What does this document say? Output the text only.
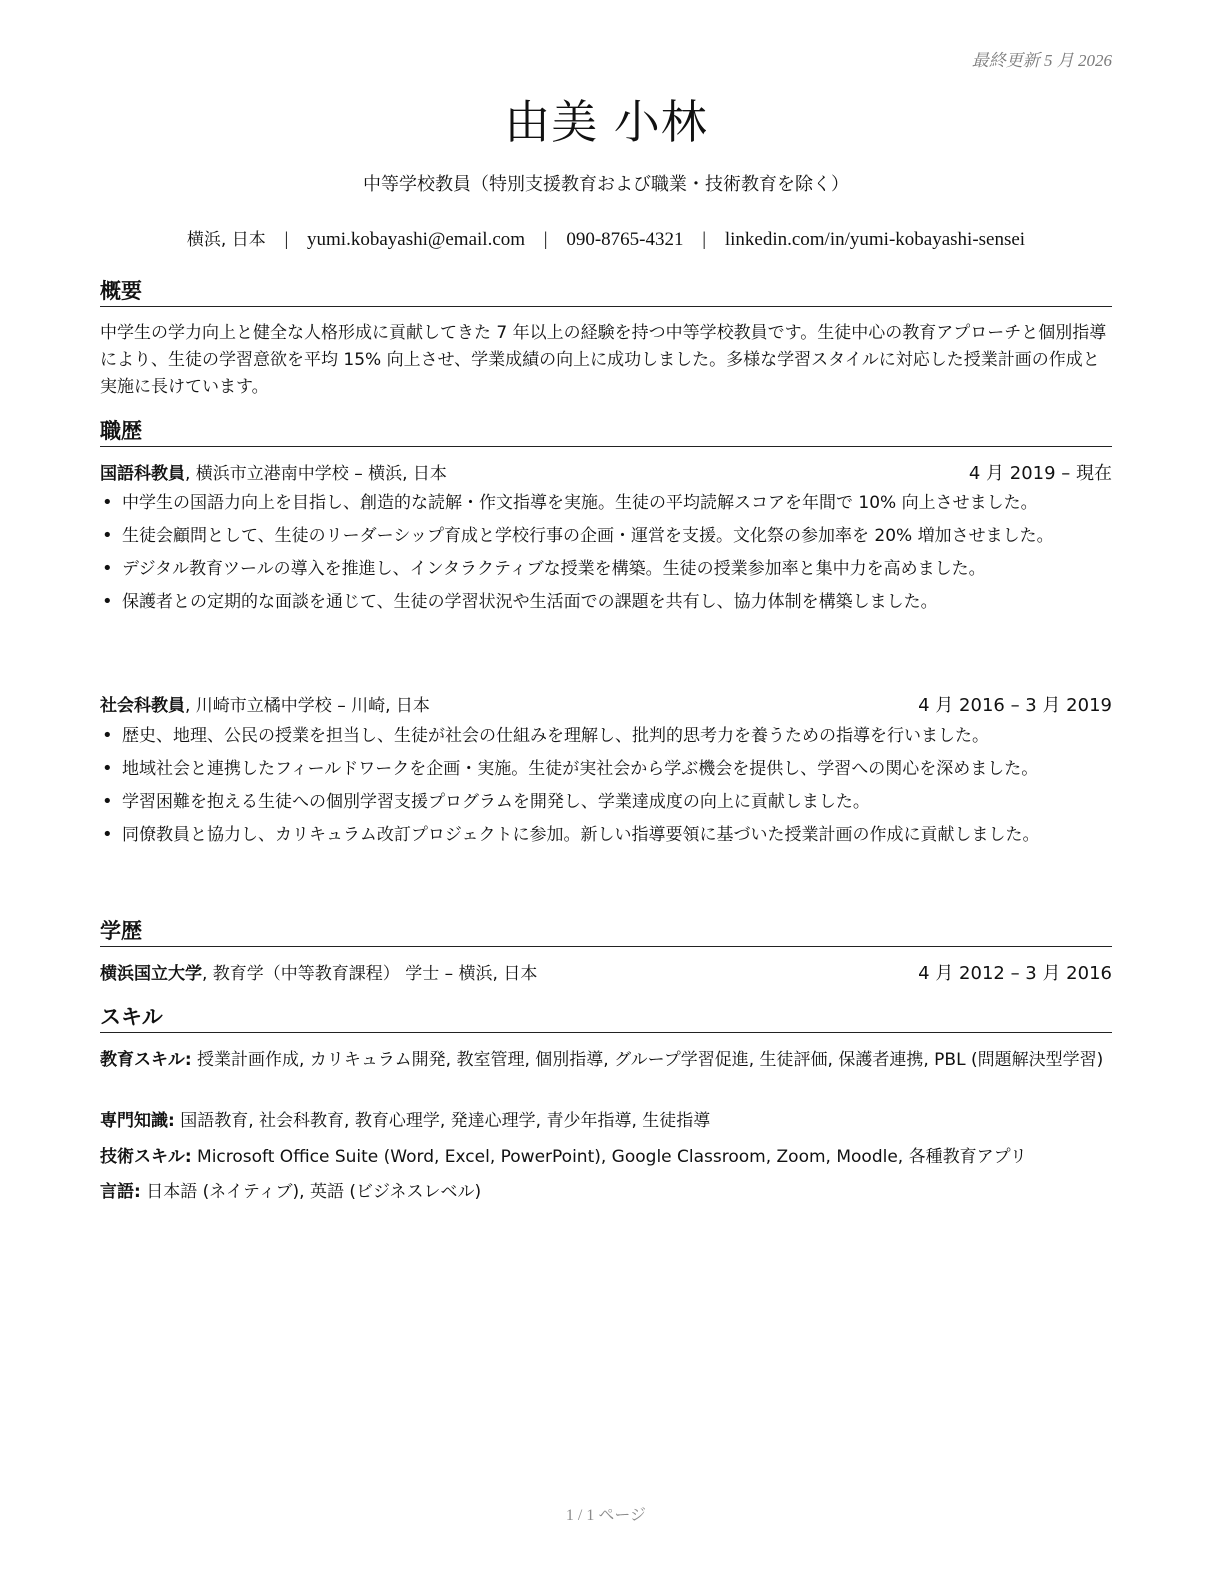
最終更新 5 月 2026
由美 小林
中等学校教員（特別支援教育および職業・技術教育を除く）
横浜, 日本 | yumi.kobayashi@email.com | 090-8765-4321 | linkedin.com/in/yumi-kobayashi-sensei
概要
中学生の学力向上と健全な人格形成に貢献してきた 7 年以上の経験を持つ中等学校教員です。生徒中心の教育アプローチと個別指導により、生徒の学習意欲を平均 15% 向上させ、学業成績の向上に成功しました。多様な学習スタイルに対応した授業計画の作成と実施に長けています。
職歴
国語科教員, 横浜市立港南中学校 – 横浜, 日本	4 月 2019 – 現在
• 中学生の国語力向上を目指し、創造的な読解・作文指導を実施。生徒の平均読解スコアを年間で 10% 向上させました。
• 生徒会顧問として、生徒のリーダーシップ育成と学校行事の企画・運営を支援。文化祭の参加率を 20% 増加させました。
• デジタル教育ツールの導入を推進し、インタラクティブな授業を構築。生徒の授業参加率と集中力を高めました。
• 保護者との定期的な面談を通じて、生徒の学習状況や生活面での課題を共有し、協力体制を構築しました。
社会科教員, 川崎市立橘中学校 – 川崎, 日本	4 月 2016 – 3 月 2019
• 歴史、地理、公民の授業を担当し、生徒が社会の仕組みを理解し、批判的思考力を養うための指導を行いました。
• 地域社会と連携したフィールドワークを企画・実施。生徒が実社会から学ぶ機会を提供し、学習への関心を深めました。
• 学習困難を抱える生徒への個別学習支援プログラムを開発し、学業達成度の向上に貢献しました。
• 同僚教員と協力し、カリキュラム改訂プロジェクトに参加。新しい指導要領に基づいた授業計画の作成に貢献しました。
学歴
横浜国立大学, 教育学（中等教育課程） 学士 – 横浜, 日本	4 月 2012 – 3 月 2016
スキル
教育スキル: 授業計画作成, カリキュラム開発, 教室管理, 個別指導, グループ学習促進, 生徒評価, 保護者連携, PBL (問題解決型学習)
専門知識: 国語教育, 社会科教育, 教育心理学, 発達心理学, 青少年指導, 生徒指導
技術スキル: Microsoft Office Suite (Word, Excel, PowerPoint), Google Classroom, Zoom, Moodle, 各種教育アプリ
言語: 日本語 (ネイティブ), 英語 (ビジネスレベル)
1 / 1 ページ
